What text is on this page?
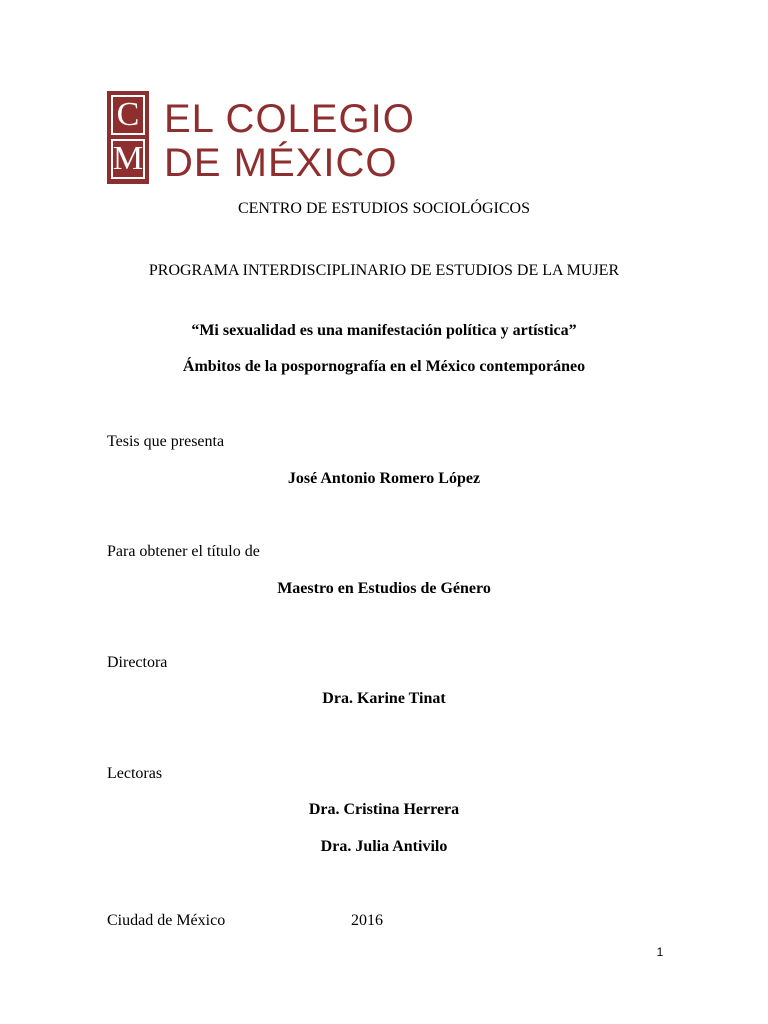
C
M
EL COLEGIO
DE MÉXICO
CENTRO DE ESTUDIOS SOCIOLÓGICOS
PROGRAMA INTERDISCIPLINARIO DE ESTUDIOS DE LA MUJER
“Mi sexualidad es una manifestación política y artística”
Ámbitos de la pospornografía en el México contemporáneo
Tesis que presenta
José Antonio Romero López
Para obtener el título de
Maestro en Estudios de Género
Directora
Dra. Karine Tinat
Lectoras
Dra. Cristina Herrera
Dra. Julia Antivilo
Ciudad de México	2016
1
